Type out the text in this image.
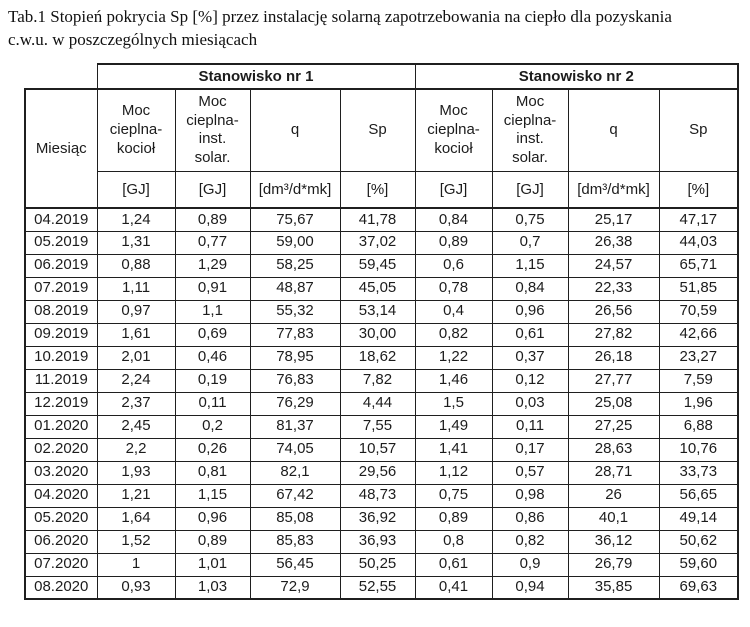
Tab.1 Stopień pokrycia Sp [%] przez instalację solarną zapotrzebowania na ciepło dla pozyskania c.w.u. w poszczególnych miesiącach

	Stanowisko nr 1				Stanowisko nr 2			
Miesiąc	Moc cieplna-kocioł	Moc cieplna-inst. solar.	q	Sp	Moc cieplna-kocioł	Moc cieplna-inst. solar.	q	Sp
	[GJ]	[GJ]	[dm³/d*mk]	[%]	[GJ]	[GJ]	[dm³/d*mk]	[%]
04.2019	1,24	0,89	75,67	41,78	0,84	0,75	25,17	47,17
05.2019	1,31	0,77	59,00	37,02	0,89	0,7	26,38	44,03
06.2019	0,88	1,29	58,25	59,45	0,6	1,15	24,57	65,71
07.2019	1,11	0,91	48,87	45,05	0,78	0,84	22,33	51,85
08.2019	0,97	1,1	55,32	53,14	0,4	0,96	26,56	70,59
09.2019	1,61	0,69	77,83	30,00	0,82	0,61	27,82	42,66
10.2019	2,01	0,46	78,95	18,62	1,22	0,37	26,18	23,27
11.2019	2,24	0,19	76,83	7,82	1,46	0,12	27,77	7,59
12.2019	2,37	0,11	76,29	4,44	1,5	0,03	25,08	1,96
01.2020	2,45	0,2	81,37	7,55	1,49	0,11	27,25	6,88
02.2020	2,2	0,26	74,05	10,57	1,41	0,17	28,63	10,76
03.2020	1,93	0,81	82,1	29,56	1,12	0,57	28,71	33,73
04.2020	1,21	1,15	67,42	48,73	0,75	0,98	26	56,65
05.2020	1,64	0,96	85,08	36,92	0,89	0,86	40,1	49,14
06.2020	1,52	0,89	85,83	36,93	0,8	0,82	36,12	50,62
07.2020	1	1,01	56,45	50,25	0,61	0,9	26,79	59,60
08.2020	0,93	1,03	72,9	52,55	0,41	0,94	35,85	69,63
